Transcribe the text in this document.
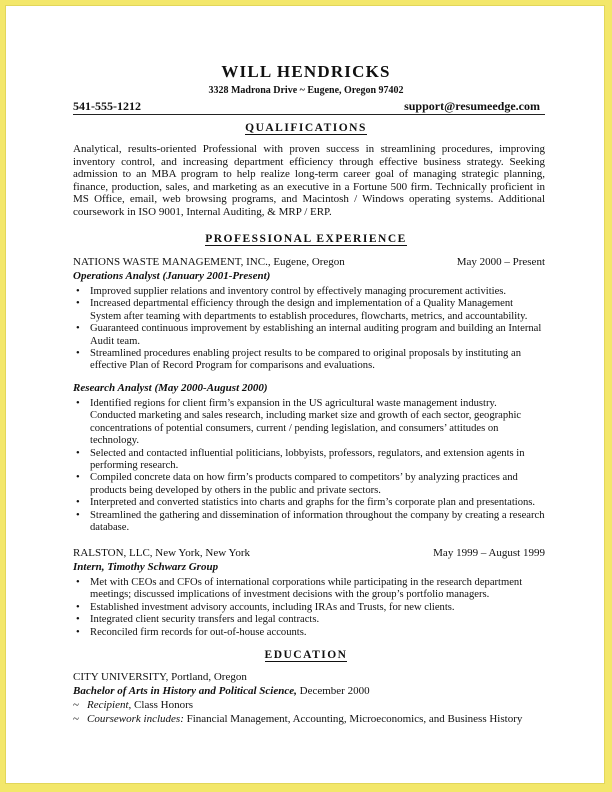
WILL HENDRICKS
3328 Madrona Drive ~ Eugene, Oregon 97402
541-555-1212	support@resumeedge.com
QUALIFICATIONS
Analytical, results-oriented Professional with proven success in streamlining procedures, improving inventory control, and increasing department efficiency through effective business strategy. Seeking admission to an MBA program to help realize long-term career goal of managing strategic planning, finance, production, sales, and marketing as an executive in a Fortune 500 firm. Technically proficient in MS Office, email, web browsing programs, and Macintosh / Windows operating systems. Additional coursework in ISO 9001, Internal Auditing, & MRP / ERP.
PROFESSIONAL EXPERIENCE
NATIONS WASTE MANAGEMENT, INC., Eugene, Oregon	May 2000 – Present
Operations Analyst (January 2001-Present)
• Improved supplier relations and inventory control by effectively managing procurement activities.
• Increased departmental efficiency through the design and implementation of a Quality Management System after teaming with departments to establish procedures, flowcharts, metrics, and accountability.
• Guaranteed continuous improvement by establishing an internal auditing program and building an Internal Audit team.
• Streamlined procedures enabling project results to be compared to original proposals by instituting an effective Plan of Record Program for comparisons and evaluations.
Research Analyst (May 2000-August 2000)
• Identified regions for client firm’s expansion in the US agricultural waste management industry. Conducted marketing and sales research, including market size and growth of each sector, geographic concentrations of potential consumers, current / pending legislation, and consumers’ attitudes on technology.
• Selected and contacted influential politicians, lobbyists, professors, regulators, and extension agents in performing research.
• Compiled concrete data on how firm’s products compared to competitors’ by analyzing practices and products being developed by others in the public and private sectors.
• Interpreted and converted statistics into charts and graphs for the firm’s corporate plan and presentations.
• Streamlined the gathering and dissemination of information throughout the company by creating a research database.
RALSTON, LLC, New York, New York	May 1999 – August 1999
Intern, Timothy Schwarz Group
• Met with CEOs and CFOs of international corporations while participating in the research department meetings; discussed implications of investment decisions with the group’s portfolio managers.
• Established investment advisory accounts, including IRAs and Trusts, for new clients.
• Integrated client security transfers and legal contracts.
• Reconciled firm records for out-of-house accounts.
EDUCATION
CITY UNIVERSITY, Portland, Oregon
Bachelor of Arts in History and Political Science, December 2000
~ Recipient, Class Honors
~ Coursework includes: Financial Management, Accounting, Microeconomics, and Business History
